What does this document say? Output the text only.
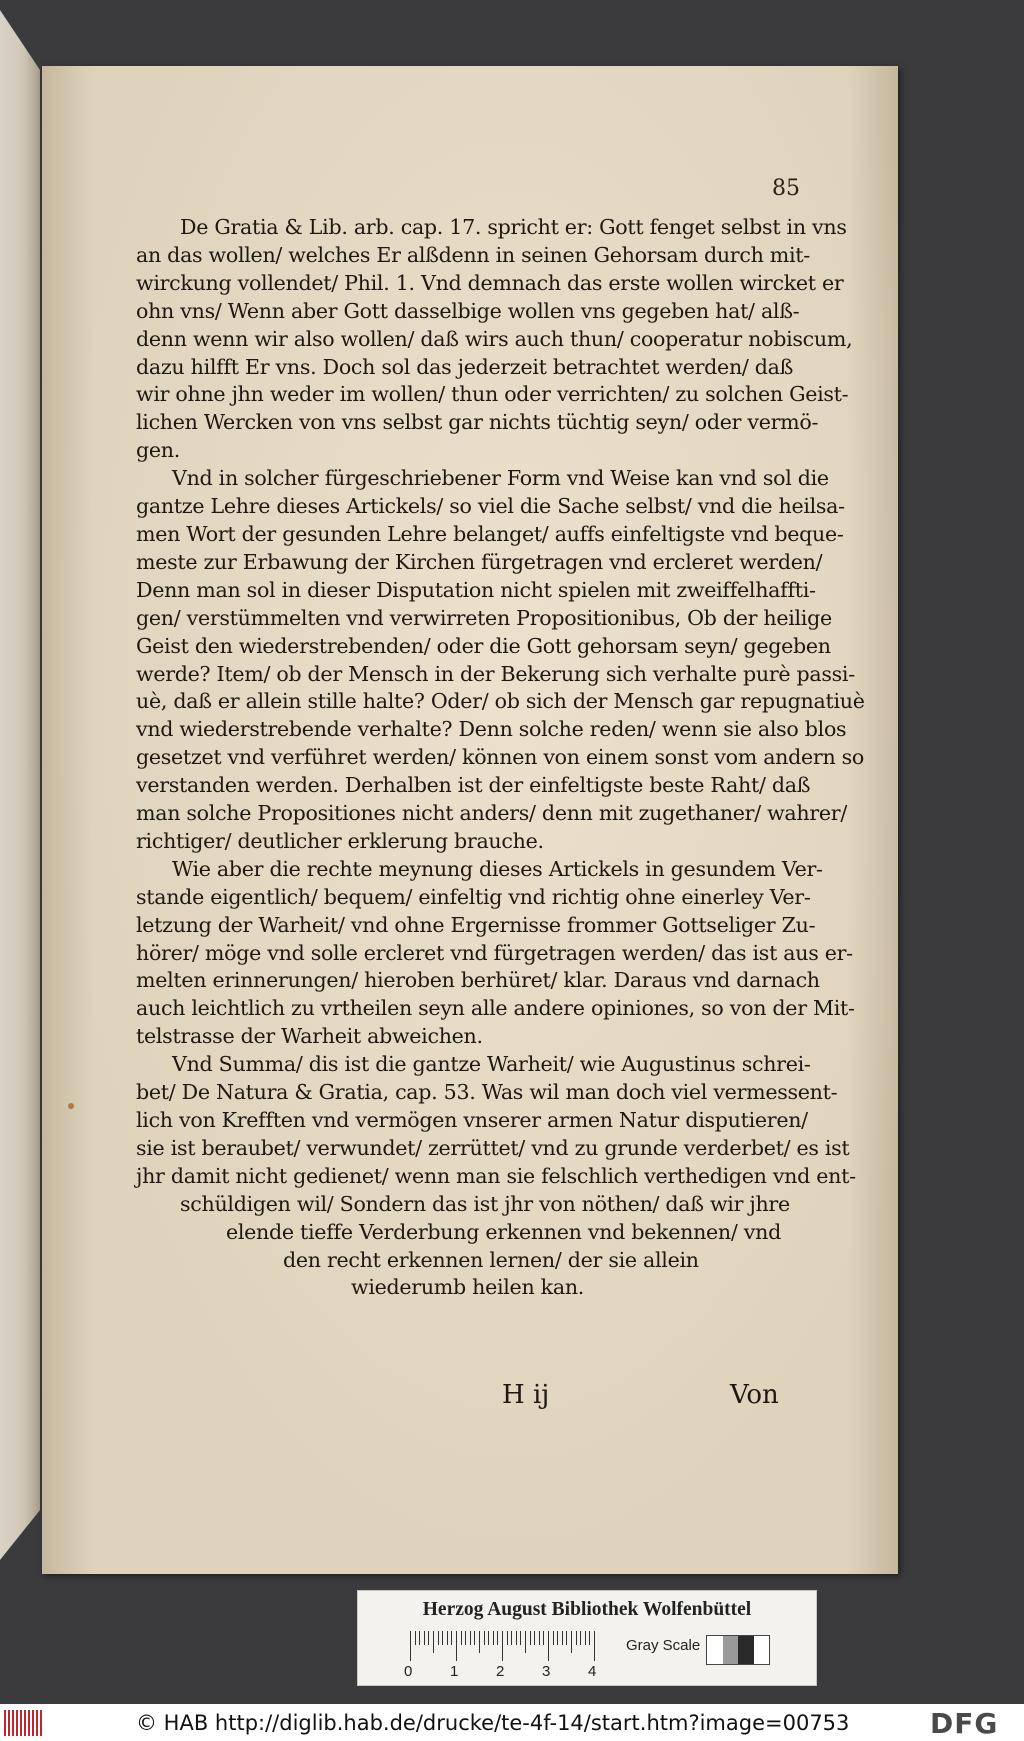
85

De Gratia & Lib. arb. cap. 17. spricht er: Gott fenget selbst in vns

an das wollen/ welches Er alßdenn in seinen Gehorsam durch mit-

wirckung vollendet/ Phil. 1. Vnd demnach das erste wollen wircket er

ohn vns/ Wenn aber Gott dasselbige wollen vns gegeben hat/ alß-

denn wenn wir also wollen/ daß wirs auch thun/ cooperatur nobiscum,

dazu hilfft Er vns. Doch sol das jederzeit betrachtet werden/ daß

wir ohne jhn weder im wollen/ thun oder verrichten/ zu solchen Geist-

lichen Wercken von vns selbst gar nichts tüchtig seyn/ oder vermö-

gen.

Vnd in solcher fürgeschriebener Form vnd Weise kan vnd sol die

gantze Lehre dieses Artickels/ so viel die Sache selbst/ vnd die heilsa-

men Wort der gesunden Lehre belanget/ auffs einfeltigste vnd beque-

meste zur Erbawung der Kirchen fürgetragen vnd ercleret werden/

Denn man sol in dieser Disputation nicht spielen mit zweiffelhaffti-

gen/ verstümmelten vnd verwirreten Propositionibus, Ob der heilige

Geist den wiederstrebenden/ oder die Gott gehorsam seyn/ gegeben

werde? Item/ ob der Mensch in der Bekerung sich verhalte purè passi-

uè, daß er allein stille halte? Oder/ ob sich der Mensch gar repugnatiuè

vnd wiederstrebende verhalte? Denn solche reden/ wenn sie also blos

gesetzet vnd verführet werden/ können von einem sonst vom andern so

verstanden werden. Derhalben ist der einfeltigste beste Raht/ daß

man solche Propositiones nicht anders/ denn mit zugethaner/ wahrer/

richtiger/ deutlicher erklerung brauche.

Wie aber die rechte meynung dieses Artickels in gesundem Ver-

stande eigentlich/ bequem/ einfeltig vnd richtig ohne einerley Ver-

letzung der Warheit/ vnd ohne Ergernisse frommer Gottseliger Zu-

hörer/ möge vnd solle ercleret vnd fürgetragen werden/ das ist aus er-

melten erinnerungen/ hieroben berhüret/ klar. Daraus vnd darnach

auch leichtlich zu vrtheilen seyn alle andere opiniones, so von der Mit-

telstrasse der Warheit abweichen.

Vnd Summa/ dis ist die gantze Warheit/ wie Augustinus schrei-

bet/ De Natura & Gratia, cap. 53. Was wil man doch viel vermessent-

lich von Krefften vnd vermögen vnserer armen Natur disputieren/

sie ist beraubet/ verwundet/ zerrüttet/ vnd zu grunde verderbet/ es ist

jhr damit nicht gedienet/ wenn man sie felschlich verthedigen vnd ent-

schüldigen wil/ Sondern das ist jhr von nöthen/ daß wir jhre

elende tieffe Verderbung erkennen vnd bekennen/ vnd

den recht erkennen lernen/ der sie allein

wiederumb heilen kan.

H ij	Von

Herzog August Bibliothek Wolfenbüttel

0	1	2	3	4

Gray Scale

© HAB http://diglib.hab.de/drucke/te-4f-14/start.htm?image=00753	DFG
